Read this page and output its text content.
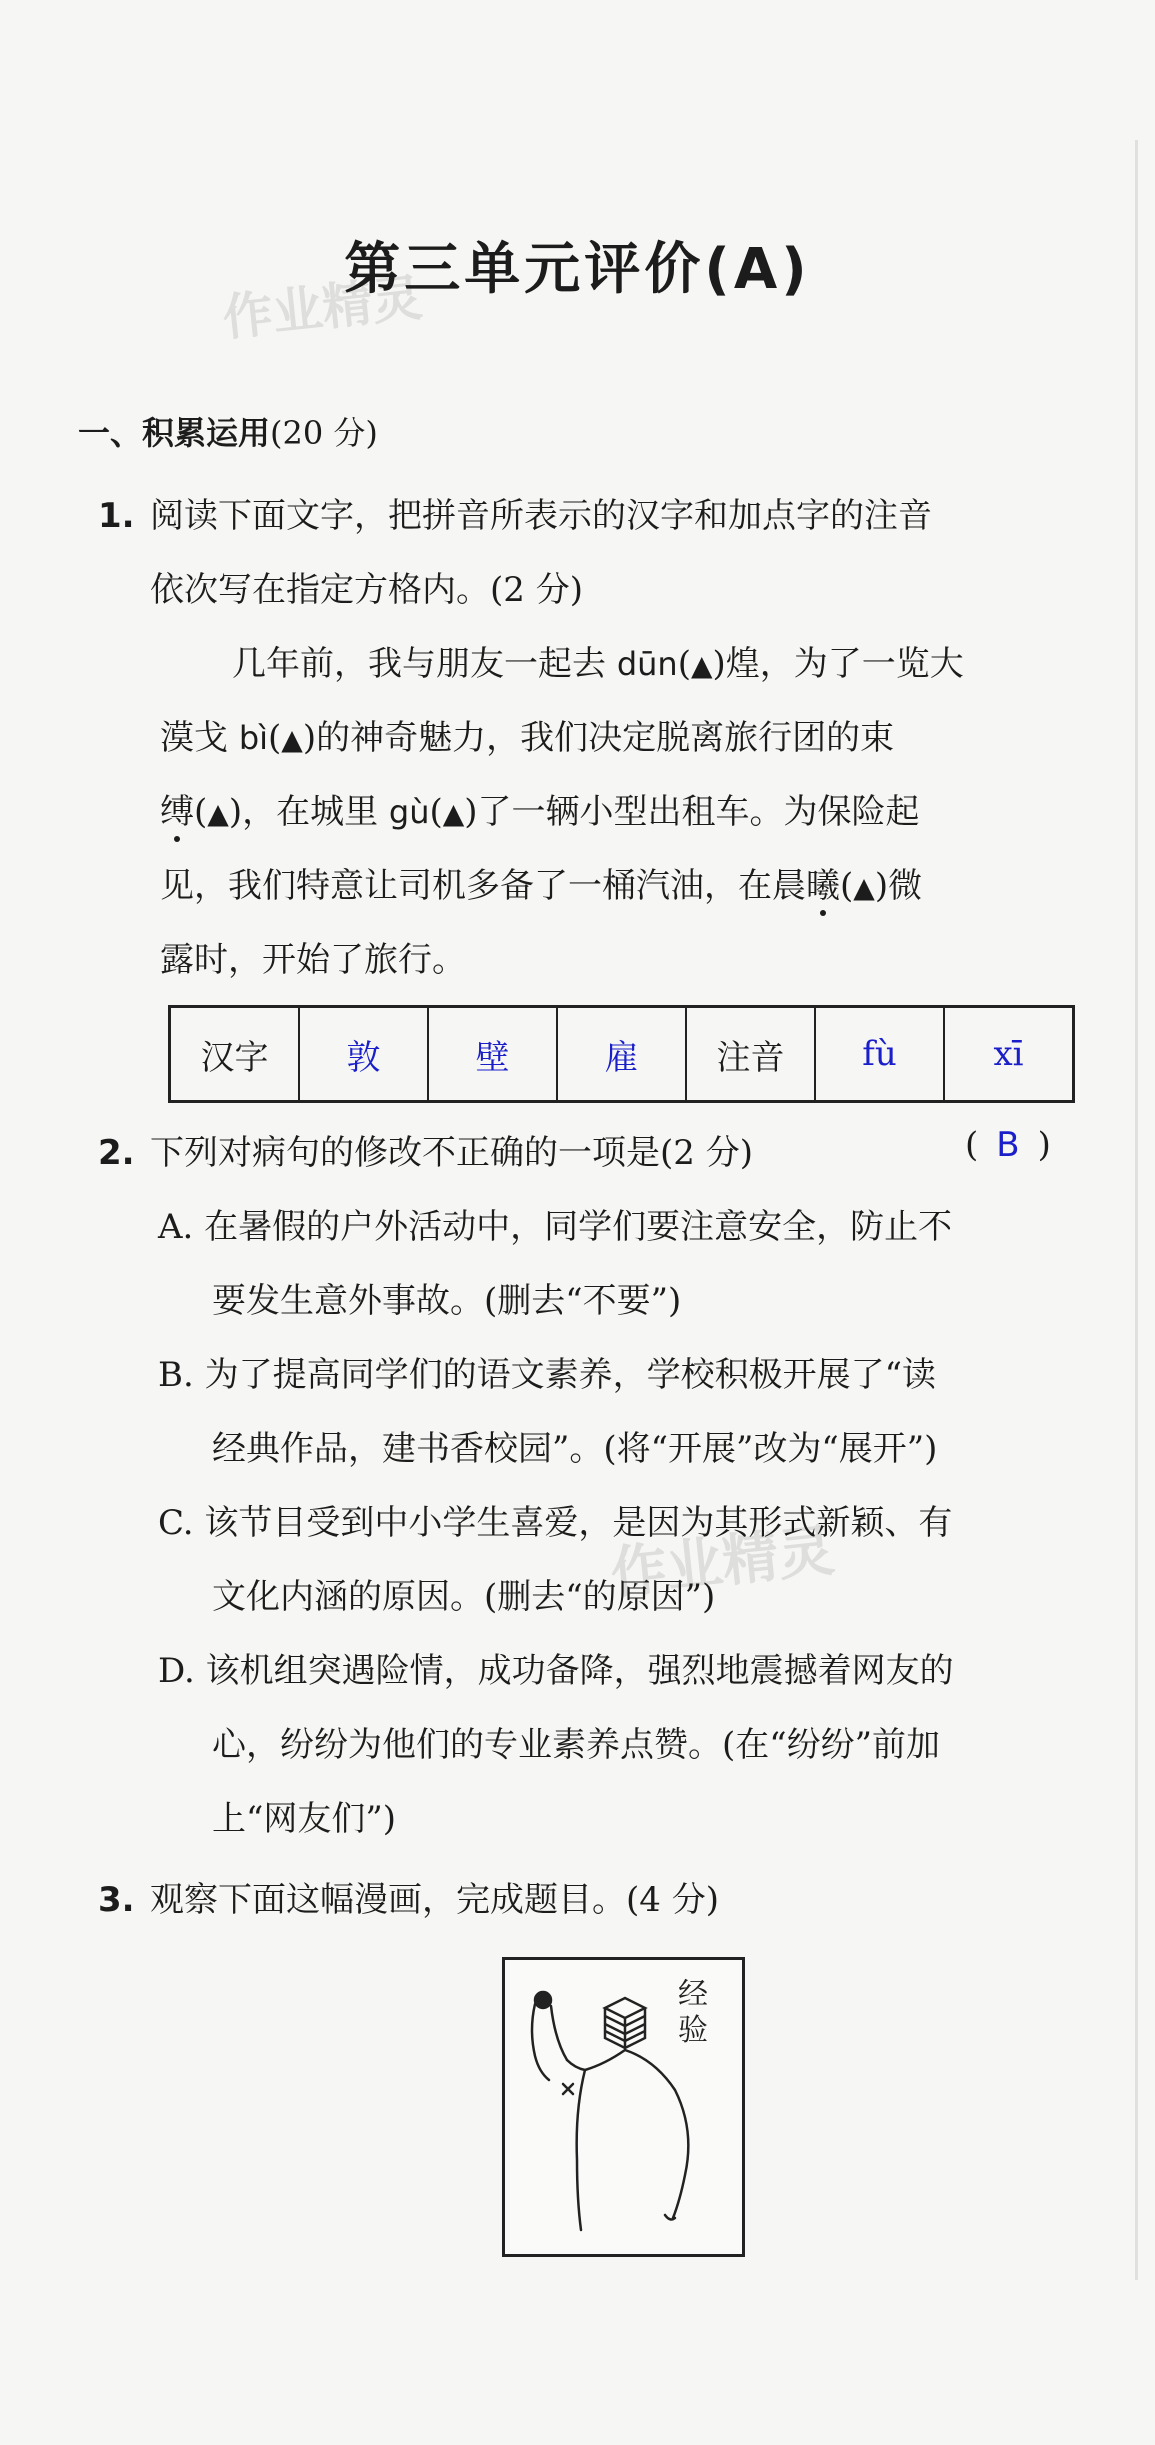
作业精灵
作业精灵
第三单元评价(A)
一、积累运用(20 分)
1. 阅读下面文字，把拼音所表示的汉字和加点字的注音
依次写在指定方格内。(2 分)
几年前，我与朋友一起去 dūn(▲)煌，为了一览大
漠戈 bì(▲)的神奇魅力，我们决定脱离旅行团的束
缚(▲)，在城里 gù(▲)了一辆小型出租车。为保险起
见，我们特意让司机多备了一桶汽油，在晨曦(▲)微
露时，开始了旅行。
汉字	敦	壁	雇	注音	fù	xī
2. 下列对病句的修改不正确的一项是(2 分)	( B )
A. 在暑假的户外活动中，同学们要注意安全，防止不
要发生意外事故。(删去“不要”)
B. 为了提高同学们的语文素养，学校积极开展了“读
经典作品，建书香校园”。(将“开展”改为“展开”)
C. 该节目受到中小学生喜爱，是因为其形式新颖、有
文化内涵的原因。(删去“的原因”)
D. 该机组突遇险情，成功备降，强烈地震撼着网友的
心，纷纷为他们的专业素养点赞。(在“纷纷”前加
上“网友们”)
3. 观察下面这幅漫画，完成题目。(4 分)
经
验
